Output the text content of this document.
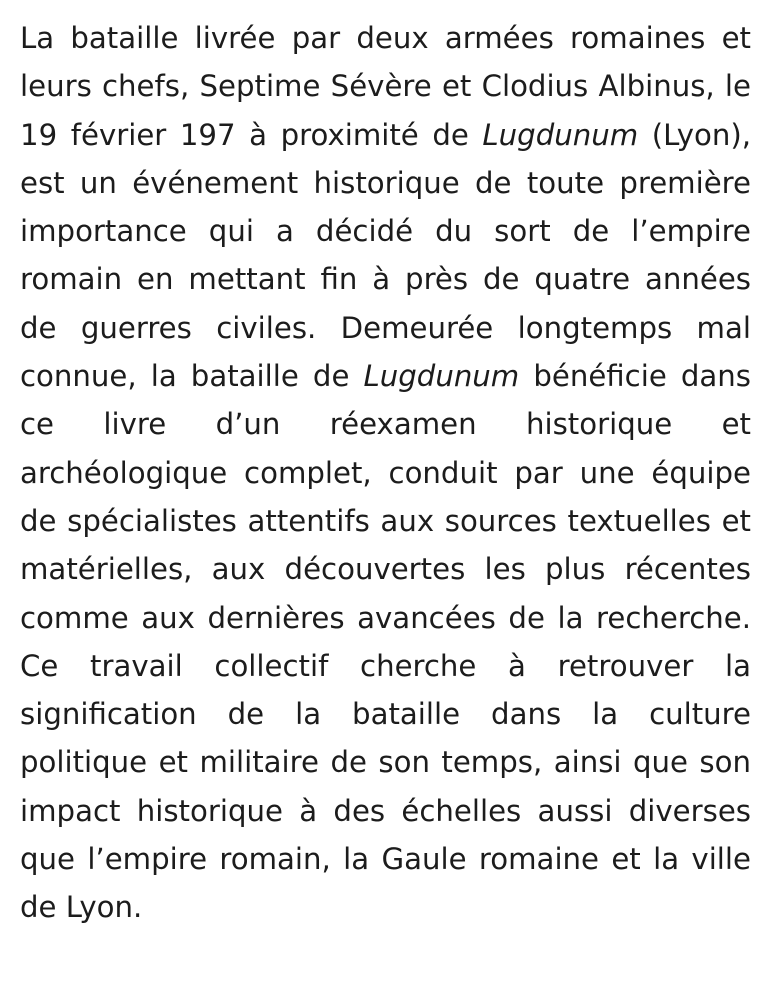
La bataille livrée par deux armées romaines et leurs chefs, Septime Sévère et Clodius Albinus, le 19 février 197 à proximité de Lugdunum (Lyon), est un événement historique de toute première importance qui a décidé du sort de l’empire romain en mettant fin à près de quatre années de guerres civiles. Demeurée longtemps mal connue, la bataille de Lugdunum bénéficie dans ce livre d’un réexamen historique et archéologique complet, conduit par une équipe de spécialistes attentifs aux sources textuelles et matérielles, aux découvertes les plus récentes comme aux dernières avancées de la recherche. Ce travail collectif cherche à retrouver la signification de la bataille dans la culture politique et militaire de son temps, ainsi que son impact historique à des échelles aussi diverses que l’empire romain, la Gaule romaine et la ville de Lyon.
